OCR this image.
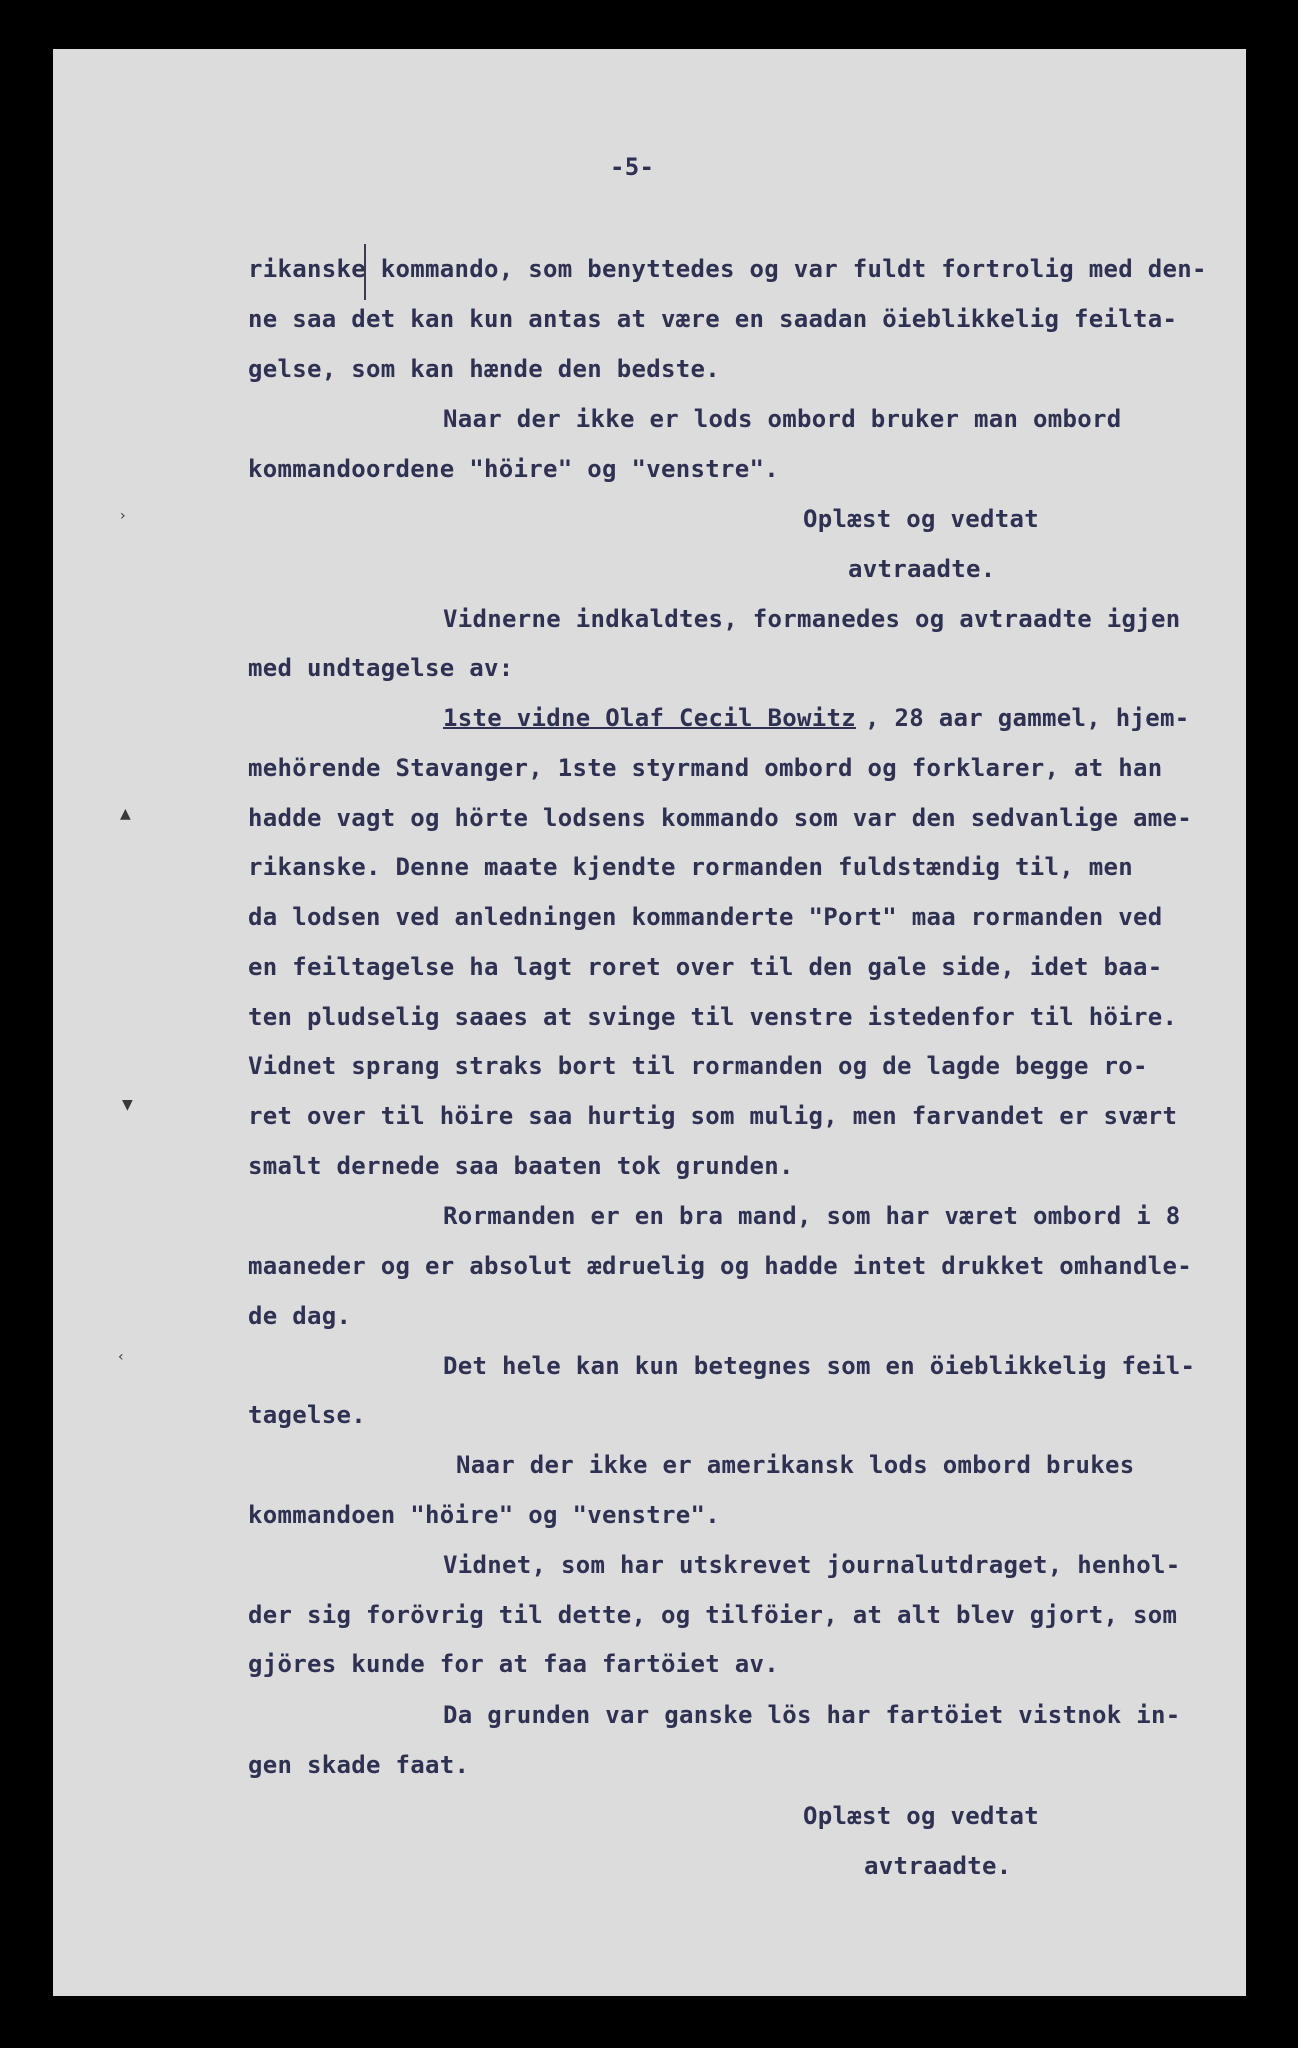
-5-
rikanske kommando, som benyttedes og var fuldt fortrolig med den-
ne saa det kan kun antas at være en saadan öieblikkelig feilta-
gelse, som kan hænde den bedste.
Naar der ikke er lods ombord bruker man ombord
kommandoordene "höire" og "venstre".
Oplæst og vedtat
avtraadte.
Vidnerne indkaldtes, formanedes og avtraadte igjen
med undtagelse av:
1ste vidne Olaf Cecil Bowitz , 28 aar gammel, hjem-
mehörende Stavanger, 1ste styrmand ombord og forklarer, at han
hadde vagt og hörte lodsens kommando som var den sedvanlige ame-
rikanske. Denne maate kjendte rormanden fuldstændig til, men
da lodsen ved anledningen kommanderte "Port" maa rormanden ved
en feiltagelse ha lagt roret over til den gale side, idet baa-
ten pludselig saaes at svinge til venstre istedenfor til höire.
Vidnet sprang straks bort til rormanden og de lagde begge ro-
ret over til höire saa hurtig som mulig, men farvandet er svært
smalt dernede saa baaten tok grunden.
Rormanden er en bra mand, som har været ombord i 8
maaneder og er absolut ædruelig og hadde intet drukket omhandle-
de dag.
Det hele kan kun betegnes som en öieblikkelig feil-
tagelse.
Naar der ikke er amerikansk lods ombord brukes
kommandoen "höire" og "venstre".
Vidnet, som har utskrevet journalutdraget, henhol-
der sig forövrig til dette, og tilföier, at alt blev gjort, som
gjöres kunde for at faa fartöiet av.
Da grunden var ganske lös har fartöiet vistnok in-
gen skade faat.
Oplæst og vedtat
avtraadte.
›
▲
▼
‹
